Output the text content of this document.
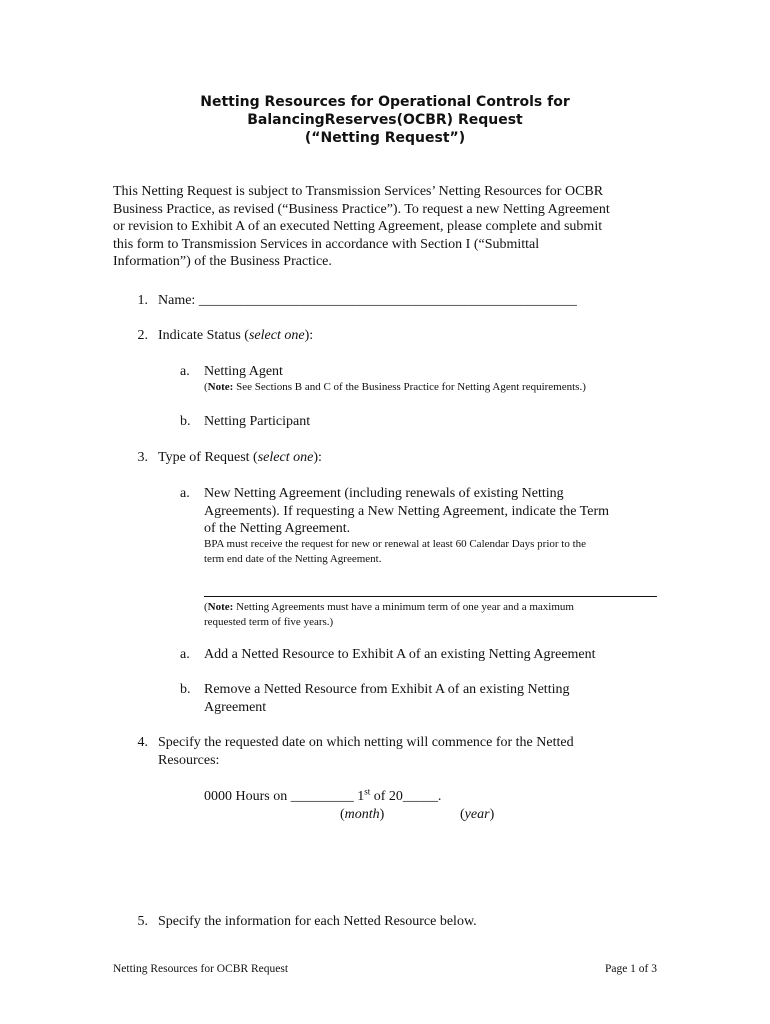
Netting Resources for Operational Controls for
BalancingReserves(OCBR) Request
(“Netting Request”)
This Netting Request is subject to Transmission Services’ Netting Resources for OCBR
Business Practice, as revised (“Business Practice”). To request a new Netting Agreement
or revision to Exhibit A of an executed Netting Agreement, please complete and submit
this form to Transmission Services in accordance with Section I (“Submittal
Information”) of the Business Practice.
1. Name: ______________________________________________________
2. Indicate Status (select one):
a. Netting Agent
(Note: See Sections B and C of the Business Practice for Netting Agent requirements.)
b. Netting Participant
3. Type of Request (select one):
a. New Netting Agreement (including renewals of existing Netting
Agreements). If requesting a New Netting Agreement, indicate the Term
of the Netting Agreement.
BPA must receive the request for new or renewal at least 60 Calendar Days prior to the
term end date of the Netting Agreement.
(Note: Netting Agreements must have a minimum term of one year and a maximum
requested term of five years.)
a. Add a Netted Resource to Exhibit A of an existing Netting Agreement
b. Remove a Netted Resource from Exhibit A of an existing Netting
Agreement
4. Specify the requested date on which netting will commence for the Netted
Resources:
0000 Hours on _________ 1st of 20_____.
(month)	(year)
5. Specify the information for each Netted Resource below.
Netting Resources for OCBR Request	Page 1 of 3
